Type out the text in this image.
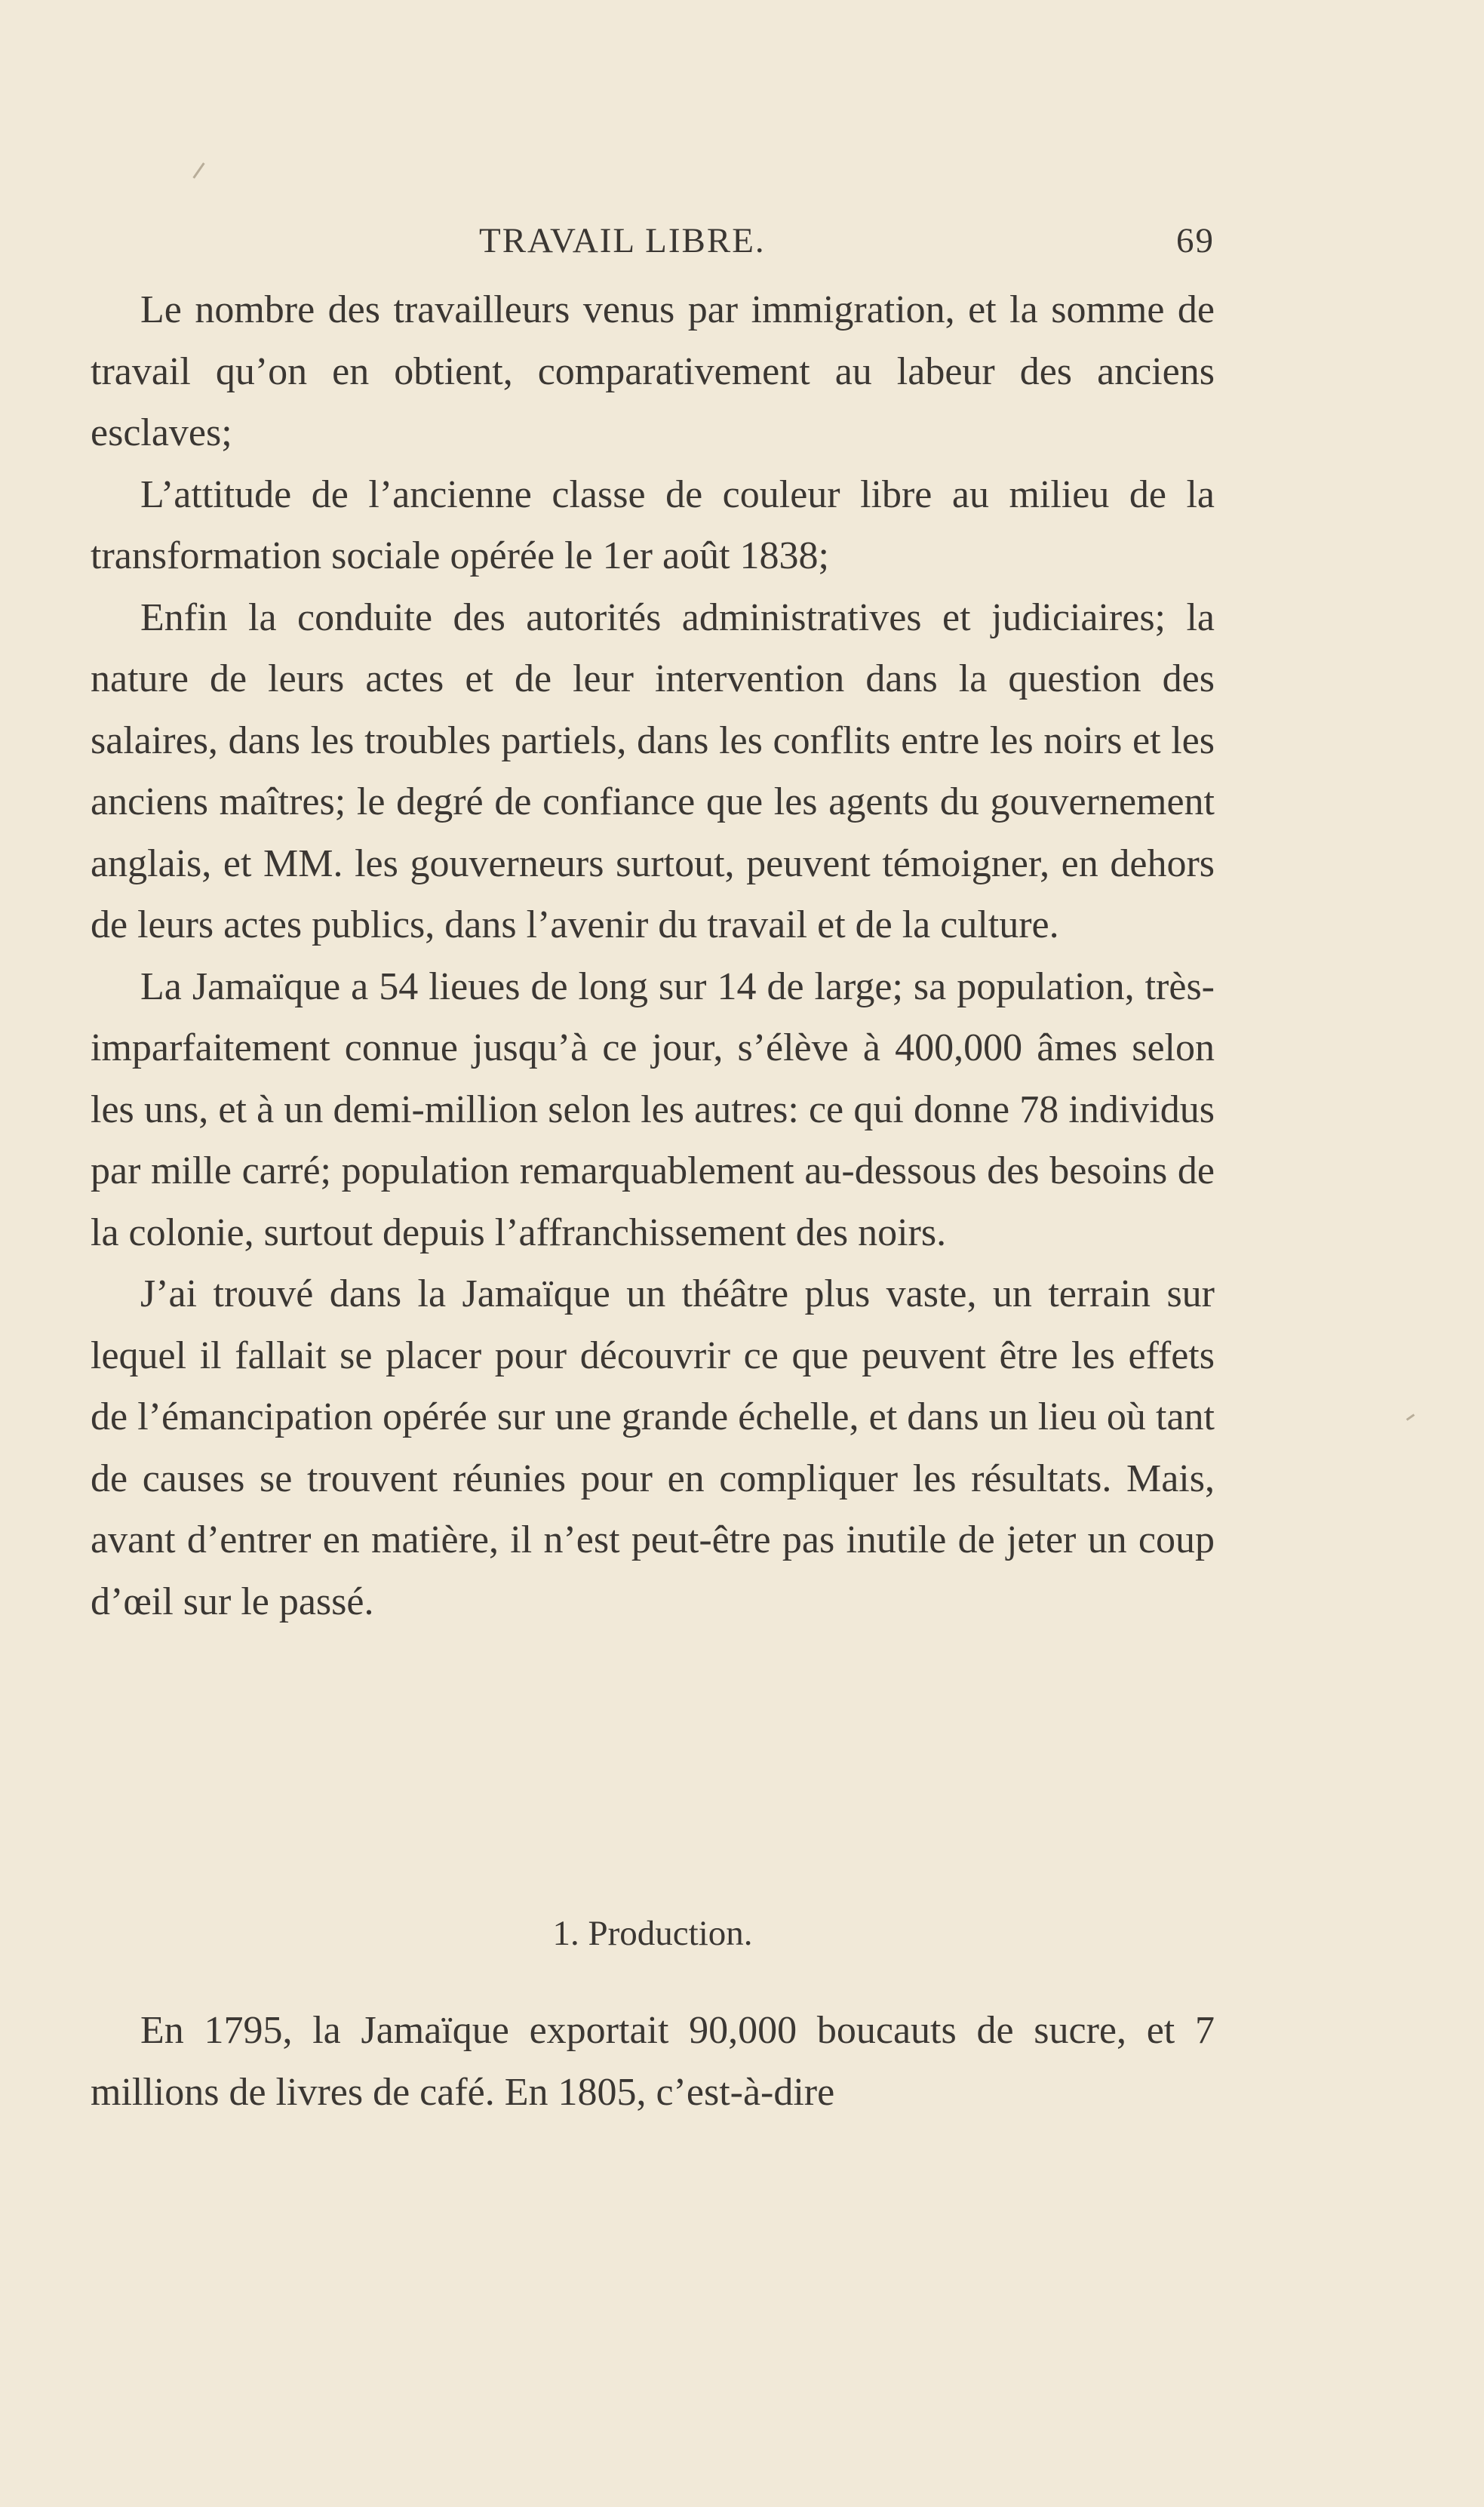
TRAVAIL LIBRE.	69

Le nombre des travailleurs venus par immigration, et la somme de travail qu’on en obtient, comparativement au labeur des anciens esclaves;

L’attitude de l’ancienne classe de couleur libre au milieu de la transformation sociale opérée le 1er août 1838;

Enfin la conduite des autorités administratives et judiciaires; la nature de leurs actes et de leur intervention dans la question des salaires, dans les troubles partiels, dans les conflits entre les noirs et les anciens maîtres; le degré de confiance que les agents du gouvernement anglais, et MM. les gouverneurs surtout, peuvent témoigner, en dehors de leurs actes publics, dans l’avenir du travail et de la culture.

La Jamaïque a 54 lieues de long sur 14 de large; sa population, très-imparfaitement connue jusqu’à ce jour, s’élève à 400,000 âmes selon les uns, et à un demi-million selon les autres: ce qui donne 78 individus par mille carré; population remarquablement au-dessous des besoins de la colonie, surtout depuis l’affranchissement des noirs.

J’ai trouvé dans la Jamaïque un théâtre plus vaste, un terrain sur lequel il fallait se placer pour découvrir ce que peuvent être les effets de l’émancipation opérée sur une grande échelle, et dans un lieu où tant de causes se trouvent réunies pour en compliquer les résultats. Mais, avant d’entrer en matière, il n’est peut-être pas inutile de jeter un coup d’œil sur le passé.

1. Production.

En 1795, la Jamaïque exportait 90,000 boucauts de sucre, et 7 millions de livres de café. En 1805, c’est-à-dire
